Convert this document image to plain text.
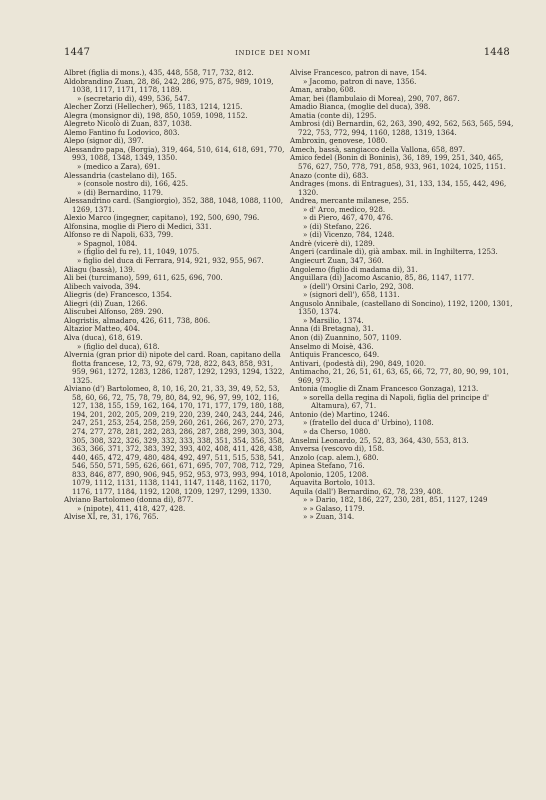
1447	INDICE DEI NOMI	1448
Albret (figlia di mons.), 435, 448, 558, 717, 732, 812.
Aldobrandino Zuan, 28, 86, 242, 286, 975, 875, 989, 1019, 1038, 1117, 1171, 1178, 1189.
» (secretario di), 499, 536, 547.
Alecher Zorzi (Hellecher), 965, 1183, 1214, 1215.
Alegra (monsignor di), 198, 850, 1059, 1098, 1152.
Alegreto Nicolò di Zuan, 837, 1038.
Alemo Fantino fu Lodovico, 803.
Alepo (signor di), 397.
Alessandro papa, (Borgia), 319, 464, 510, 614, 618, 691, 770, 993, 1088, 1348, 1349, 1350.
» (medico a Zara), 691.
Alessandria (castelano di), 165.
» (console nostro di), 166, 425.
» (di) Bernardino, 1179.
Alessandrino card. (Sangiorgio), 352, 388, 1048, 1088, 1100, 1269, 1371.
Alexio Marco (ingegner, capitano), 192, 500, 690, 796.
Alfonsina, moglie di Piero di Medici, 331.
Alfonso re di Napoli, 633, 799.
» Spagnol, 1084.
» (figlio del fu re), 11, 1049, 1075.
» figlio del duca di Ferrara, 914, 921, 932, 955, 967.
Aliagu (bassà), 139.
Ali bei (turcimano), 599, 611, 625, 696, 700.
Alibech vaivoda, 394.
Aliegris (de) Francesco, 1354.
Aliegri (di) Zuan, 1266.
Aliscubei Alfonso, 289. 290.
Alogristis, almadaro, 426, 611, 738, 806.
Altazior Matteo, 404.
Alva (duca), 618, 619.
» (figlio del duca), 618.
Alvernia (gran prior di) nipote del card. Roan, capitano della flotta francese, 12, 73, 92, 679, 728, 822, 843, 858, 931, 959, 961, 1272, 1283, 1286, 1287, 1292, 1293, 1294, 1322, 1325.
Alviano (d') Bartolomeo, 8, 10, 16, 20, 21, 33, 39, 49, 52, 53, 58, 60, 66, 72, 75, 78, 79, 80, 84, 92, 96, 97, 99, 102, 116, 127, 138, 155, 159, 162, 164, 170, 171, 177, 179, 180, 188, 194, 201, 202, 205, 209, 219, 220, 239, 240, 243, 244, 246, 247, 251, 253, 254, 258, 259, 260, 261, 266, 267, 270, 273, 274, 277, 278, 281, 282, 283, 286, 287, 288, 299, 303, 304, 305, 308, 322, 326, 329, 332, 333, 338, 351, 354, 356, 358, 363, 366, 371, 372, 383, 392, 393, 402, 408, 411, 428, 438, 440, 465, 472, 479, 480, 484, 492, 497, 511, 515, 538, 541, 546, 550, 571, 595, 626, 661, 671, 695, 707, 708, 712, 729, 833, 846, 877, 890, 906, 945, 952, 953, 973, 993, 994, 1018, 1079, 1112, 1131, 1138, 1141, 1147, 1148, 1162, 1170, 1176, 1177, 1184, 1192, 1208, 1209, 1297, 1299, 1330.
Alviano Bartolomeo (donna di), 877.
» (nipote), 411, 418, 427, 428.
Alvise XI, re, 31, 176, 765.
Alvise Francesco, patron di nave, 154.
» Jacomo, patron di nave, 1356.
Aman, arabo, 608.
Amar, bei (flambulaio di Morea), 290, 707, 867.
Amadio Bianca, (moglie del duca), 398.
Amatia (conte di), 1295.
Ambrosi (di) Bernardin, 62, 263, 390, 492, 562, 563, 565, 594, 722, 753, 772, 994, 1160, 1288, 1319, 1364.
Ambroxin, genovese, 1080.
Amech, bassà, sangiacco della Vallona, 658, 897.
Amico fedel (Bonin di Boninis), 36, 189, 199, 251, 340, 465, 576, 627, 750, 778, 791, 858, 933, 961, 1024, 1025, 1151.
Anazo (conte di), 683.
Andrages (mons. di Entragues), 31, 133, 134, 155, 442, 496, 1320.
Andrea, mercante milanese, 255.
» d' Arco, medico, 928.
» di Piero, 467, 470, 476.
» (di) Stefano, 226.
» (di) Vicenzo, 784, 1248.
Andrè (vicerè di), 1289.
Angeri (cardinale di), già ambax. mil. in Inghilterra, 1253.
Angiecurt Zuan, 347, 360.
Angolemo (figlio di madama di), 31.
Anguillara (di) Jacomo Ascanio, 85, 86, 1147, 1177.
» (dell') Orsini Carlo, 292, 308.
» (signori dell'), 658, 1131.
Angusolo Annibale, (castellano di Soncino), 1192, 1200, 1301, 1350, 1374.
» Marsilio, 1374.
Anna (di Bretagna), 31.
Anon (di) Zuannino, 507, 1109.
Anselmo di Moisè, 436.
Antiquis Francesco, 649.
Antivari, (podestà di), 290, 849, 1020.
Antimacho, 21, 26, 51, 61, 63, 65, 66, 72, 77, 80, 90, 99, 101, 969, 973.
Antonia (moglie di Znam Francesco Gonzaga), 1213.
» sorella della regina di Napoli, figlia del principe d' Altamura), 67, 71.
Antonio (de) Martino, 1246.
» (fratello del duca d' Urbino), 1108.
» da Cherso, 1080.
Anselmi Leonardo, 25, 52, 83, 364, 430, 553, 813.
Anversa (vescovo di), 158.
Anzolo (cap. alem.), 680.
Apinea Stefano, 716.
Apolonio, 1205, 1208.
Aquavita Bortolo, 1013.
Aquila (dall') Bernardino, 62, 78, 239, 408.
» » Dario, 182, 186, 227, 230, 281, 851, 1127, 1249
» » Galaso, 1179.
» » Zuan, 314.
